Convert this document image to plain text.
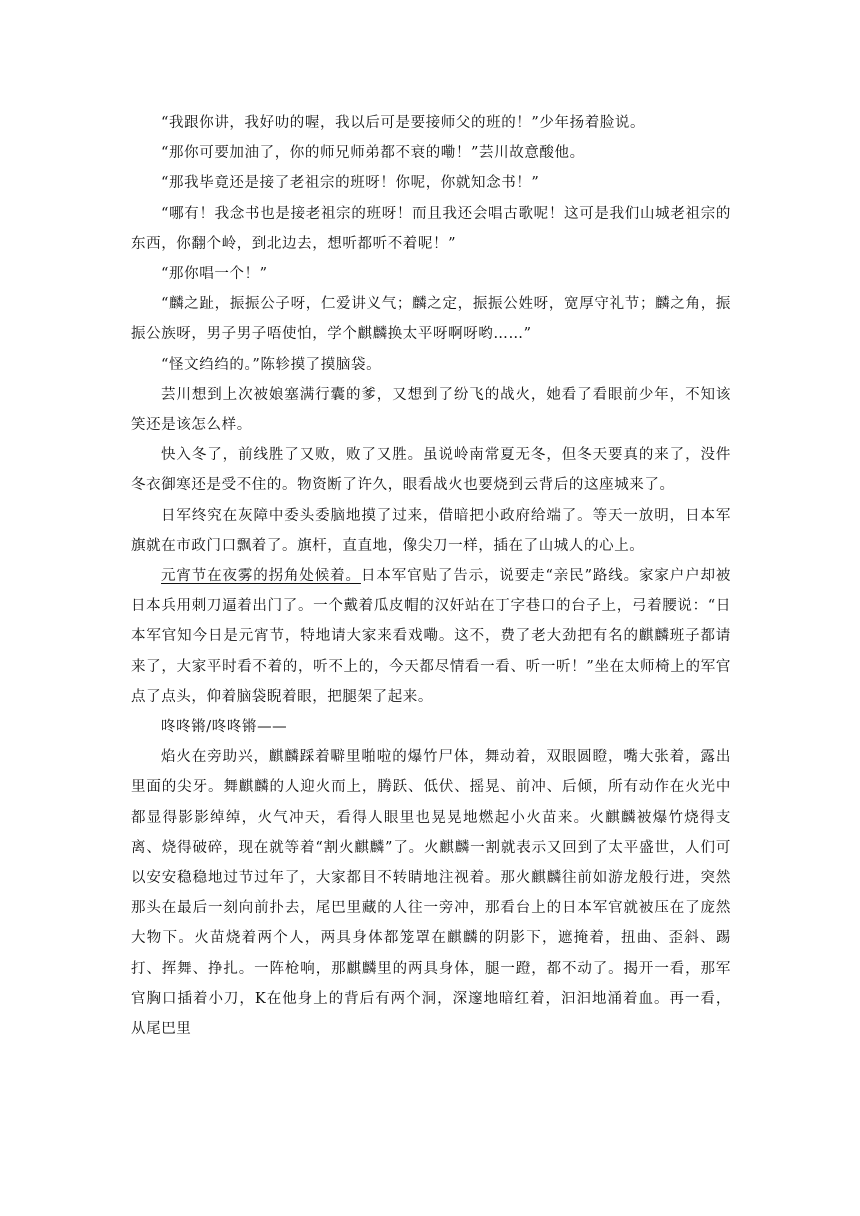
“我跟你讲，我好叻的喔，我以后可是要接师父的班的！”少年扬着脸说。

“那你可要加油了，你的师兄师弟都不衰的嘞！”芸川故意酸他。

“那我毕竟还是接了老祖宗的班呀！你呢，你就知念书！”

“哪有！我念书也是接老祖宗的班呀！而且我还会唱古歌呢！这可是我们山城老祖宗的东西，你翻个岭，到北边去，想听都听不着呢！”

“那你唱一个！”

“麟之趾，振振公子呀，仁爱讲义气；麟之定，振振公姓呀，宽厚守礼节；麟之角，振振公族呀，男子男子唔使怕，学个麒麟换太平呀啊呀哟……”

“怪文绉绉的。”陈轸摸了摸脑袋。

芸川想到上次被娘塞满行囊的爹，又想到了纷飞的战火，她看了看眼前少年，不知该笑还是该怎么样。

快入冬了，前线胜了又败，败了又胜。虽说岭南常夏无冬，但冬天要真的来了，没件冬衣御寒还是受不住的。物资断了许久，眼看战火也要烧到云背后的这座城来了。

日军终究在灰障中委头委脑地摸了过来，借暗把小政府给端了。等天一放明，日本军旗就在市政门口飘着了。旗杆，直直地，像尖刀一样，插在了山城人的心上。

元宵节在夜雾的拐角处候着。日本军官贴了告示，说要走“亲民”路线。家家户户却被日本兵用刺刀逼着出门了。一个戴着瓜皮帽的汉奸站在丁字巷口的台子上，弓着腰说：“日本军官知今日是元宵节，特地请大家来看戏嘞。这不，费了老大劲把有名的麒麟班子都请来了，大家平时看不着的，听不上的，今天都尽情看一看、听一听！”坐在太师椅上的军官点了点头，仰着脑袋睨着眼，把腿架了起来。

咚咚锵/咚咚锵——

焰火在旁助兴，麒麟踩着噼里啪啦的爆竹尸体，舞动着，双眼圆瞪，嘴大张着，露出里面的尖牙。舞麒麟的人迎火而上，腾跃、低伏、摇晃、前冲、后倾，所有动作在火光中都显得影影绰绰，火气冲天，看得人眼里也晃晃地燃起小火苗来。火麒麟被爆竹烧得支离、烧得破碎，现在就等着“割火麒麟”了。火麒麟一割就表示又回到了太平盛世，人们可以安安稳稳地过节过年了，大家都目不转睛地注视着。那火麒麟往前如游龙般行进，突然那头在最后一刻向前扑去，尾巴里藏的人往一旁冲，那看台上的日本军官就被压在了庞然大物下。火苗烧着两个人，两具身体都笼罩在麒麟的阴影下，遮掩着，扭曲、歪斜、踢打、挥舞、挣扎。一阵枪响，那麒麟里的两具身体，腿一蹬，都不动了。揭开一看，那军官胸口插着小刀，K在他身上的背后有两个洞，深邃地暗红着，汩汩地涌着血。再一看，从尾巴里
